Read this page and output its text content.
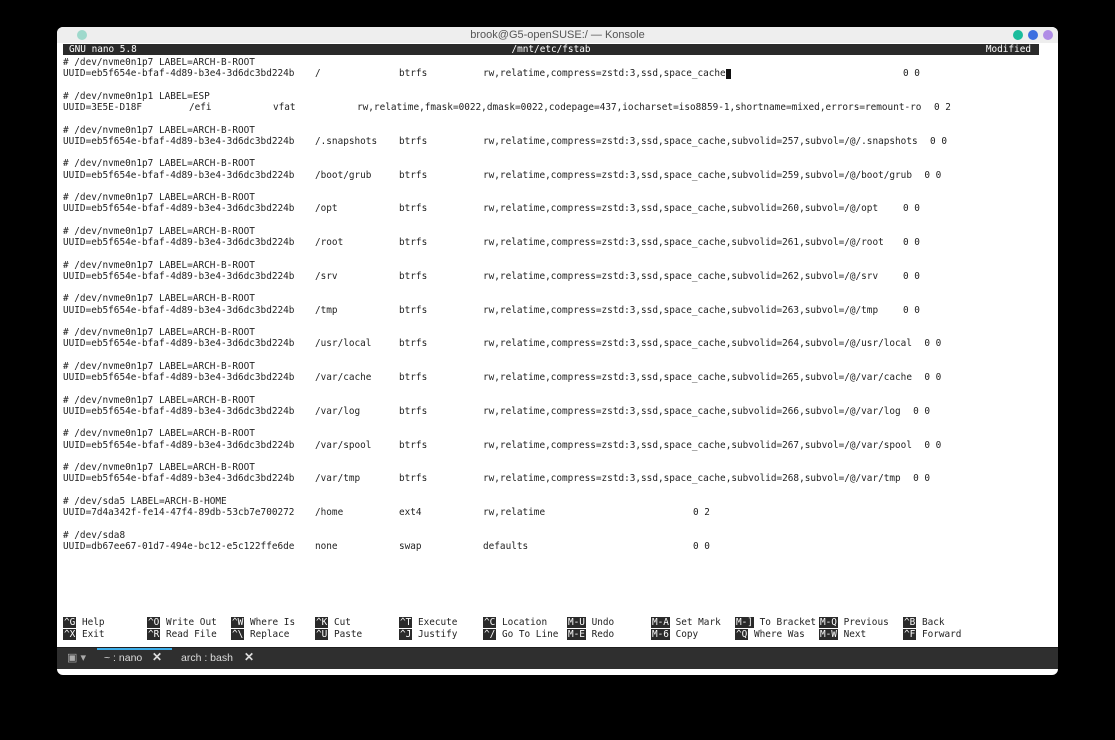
brook@G5-openSUSE:/ — Konsole
GNU nano 5.8	/mnt/etc/fstab	Modified
# /dev/nvme0n1p7 LABEL=ARCH-B-ROOT
UUID=eb5f654e-bfaf-4d89-b3e4-3d6dc3bd224b /	btrfs	rw,relatime,compress=zstd:3,ssd,space_cache	0 0
# /dev/nvme0n1p1 LABEL=ESP
UUID=3E5E-D18F	/efi	vfat	rw,relatime,fmask=0022,dmask=0022,codepage=437,iocharset=iso8859-1,shortname=mixed,errors=remount-ro 0 2
# /dev/nvme0n1p7 LABEL=ARCH-B-ROOT
UUID=eb5f654e-bfaf-4d89-b3e4-3d6dc3bd224b /.snapshots btrfs	rw,relatime,compress=zstd:3,ssd,space_cache,subvolid=257,subvol=/@/.snapshots 0 0
# /dev/nvme0n1p7 LABEL=ARCH-B-ROOT
UUID=eb5f654e-bfaf-4d89-b3e4-3d6dc3bd224b /boot/grub	btrfs	rw,relatime,compress=zstd:3,ssd,space_cache,subvolid=259,subvol=/@/boot/grub 0 0
# /dev/nvme0n1p7 LABEL=ARCH-B-ROOT
UUID=eb5f654e-bfaf-4d89-b3e4-3d6dc3bd224b /opt	btrfs	rw,relatime,compress=zstd:3,ssd,space_cache,subvolid=260,subvol=/@/opt	0 0
# /dev/nvme0n1p7 LABEL=ARCH-B-ROOT
UUID=eb5f654e-bfaf-4d89-b3e4-3d6dc3bd224b /root	btrfs	rw,relatime,compress=zstd:3,ssd,space_cache,subvolid=261,subvol=/@/root 0 0
# /dev/nvme0n1p7 LABEL=ARCH-B-ROOT
UUID=eb5f654e-bfaf-4d89-b3e4-3d6dc3bd224b /srv	btrfs	rw,relatime,compress=zstd:3,ssd,space_cache,subvolid=262,subvol=/@/srv	0 0
# /dev/nvme0n1p7 LABEL=ARCH-B-ROOT
UUID=eb5f654e-bfaf-4d89-b3e4-3d6dc3bd224b /tmp	btrfs	rw,relatime,compress=zstd:3,ssd,space_cache,subvolid=263,subvol=/@/tmp	0 0
# /dev/nvme0n1p7 LABEL=ARCH-B-ROOT
UUID=eb5f654e-bfaf-4d89-b3e4-3d6dc3bd224b /usr/local	btrfs	rw,relatime,compress=zstd:3,ssd,space_cache,subvolid=264,subvol=/@/usr/local 0 0
# /dev/nvme0n1p7 LABEL=ARCH-B-ROOT
UUID=eb5f654e-bfaf-4d89-b3e4-3d6dc3bd224b /var/cache	btrfs	rw,relatime,compress=zstd:3,ssd,space_cache,subvolid=265,subvol=/@/var/cache 0 0
# /dev/nvme0n1p7 LABEL=ARCH-B-ROOT
UUID=eb5f654e-bfaf-4d89-b3e4-3d6dc3bd224b /var/log	btrfs	rw,relatime,compress=zstd:3,ssd,space_cache,subvolid=266,subvol=/@/var/log 0 0
# /dev/nvme0n1p7 LABEL=ARCH-B-ROOT
UUID=eb5f654e-bfaf-4d89-b3e4-3d6dc3bd224b /var/spool	btrfs	rw,relatime,compress=zstd:3,ssd,space_cache,subvolid=267,subvol=/@/var/spool 0 0
# /dev/nvme0n1p7 LABEL=ARCH-B-ROOT
UUID=eb5f654e-bfaf-4d89-b3e4-3d6dc3bd224b /var/tmp	btrfs	rw,relatime,compress=zstd:3,ssd,space_cache,subvolid=268,subvol=/@/var/tmp 0 0
# /dev/sda5 LABEL=ARCH-B-HOME
UUID=7d4a342f-fe14-47f4-89db-53cb7e700272 /home	ext4	rw,relatime	0 2
# /dev/sda8
UUID=db67ee67-01d7-494e-bc12-e5c122ffe6de none	swap	defaults	0 0
^G Help
^X Exit
^O Write Out
^R Read File
^W Where Is
^\ Replace
^K Cut
^U Paste
^T Execute
^J Justify
^C Location
^/ Go To Line
M-U Undo
M-E Redo
M-A Set Mark
M-6 Copy
M-] To Bracket
^Q Where Was
M-Q Previous
M-W Next
^B Back
^F Forward
▣ ▾ ~ : nano ✕ arch : bash ✕
